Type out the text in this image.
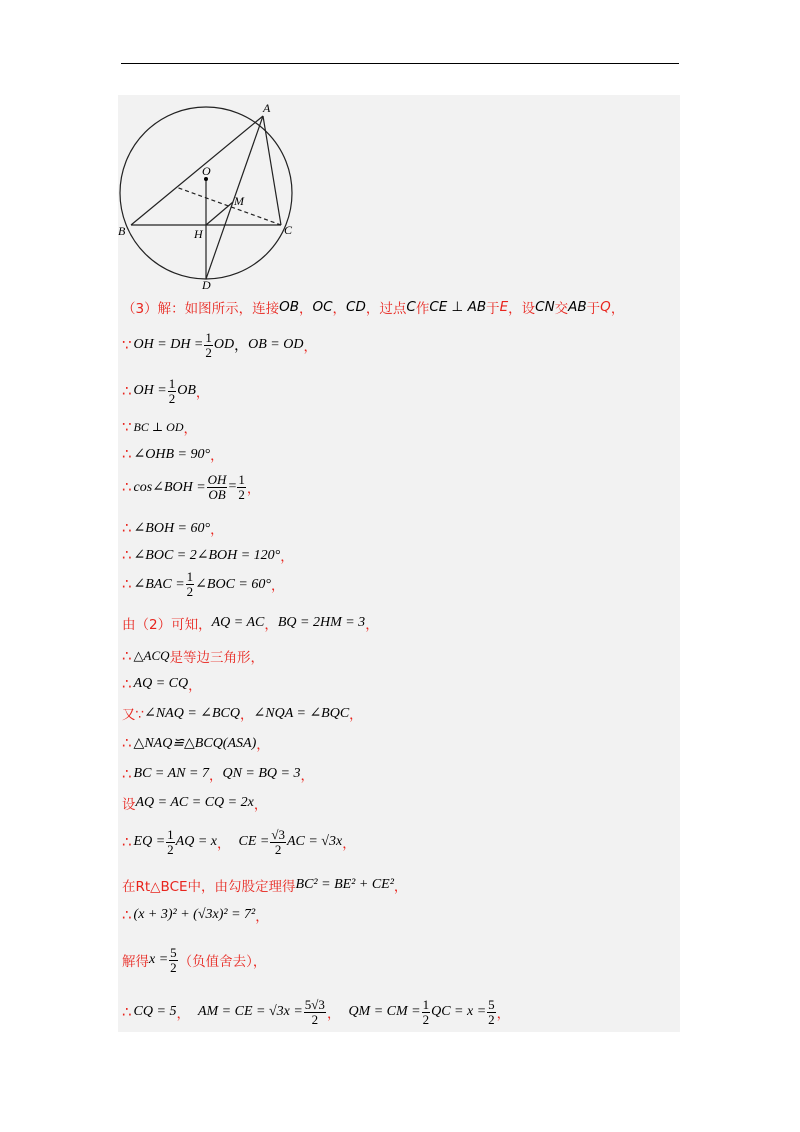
A
O
M
B	H	C
D
（3）解：如图所示，连接 OB ， OC ， CD ，过点 C 作 CE ⊥ AB 于 E ，设 CN 交 AB 于 Q ，
∵ OH = DH = $\frac{1}{2}$ OD ， OB = OD ，
∴ OH = $\frac{1}{2}$ OB ，
∵ BC ⊥ OD ，
∴ ∠OHB = 90° ，
∴ cos∠BOH = $\frac{OH}{OB} = \frac{1}{2}$ ，
∴ ∠BOH = 60° ，
∴ ∠BOC = 2∠BOH = 120° ，
∴ ∠BAC = $\frac{1}{2}$ ∠BOC = 60° ，
由（2）可知， AQ = AC ， BQ = 2HM = 3 ，
∴ △ACQ 是等边三角形，
∴ AQ = CQ ，
又∵ ∠NAQ = ∠BCQ ， ∠NQA = ∠BQC ，
∴ △NAQ≌△BCQ(ASA) ，
∴ BC = AN = 7 ， QN = BQ = 3 ，
设 AQ = AC = CQ = 2x ，
∴ EQ = $\frac{1}{2}$ AQ = x ， CE = $\frac{√3}{2}$ AC = √3x ，
在Rt△BCE中，由勾股定理得 BC² = BE² + CE² ，
∴ (x + 3)² + (√3x)² = 7² ，
解得 $x = \frac{5}{2}$ （负值舍去），
∴ CQ = 5 ， AM = CE = $√3x = \frac{5√3}{2}$ ， QM = CM = $\frac{1}{2}$ QC = $x = \frac{5}{2}$ ，
